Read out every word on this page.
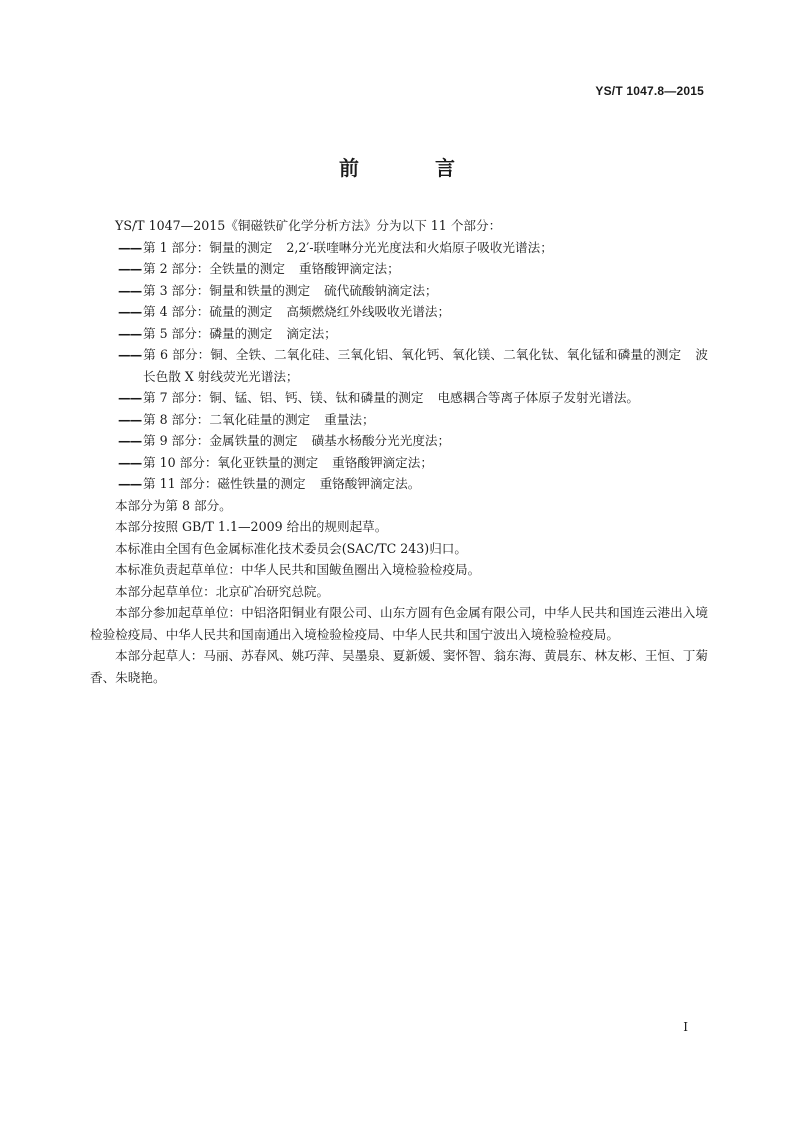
YS/T 1047.8—2015
前　言

YS/T 1047—2015《铜磁铁矿化学分析方法》分为以下 11 个部分：

—— 第 1 部分：铜量的测定 2,2′-联喹啉分光光度法和火焰原子吸收光谱法；

—— 第 2 部分：全铁量的测定 重铬酸钾滴定法；

—— 第 3 部分：铜量和铁量的测定 硫代硫酸钠滴定法；

—— 第 4 部分：硫量的测定 高频燃烧红外线吸收光谱法；

—— 第 5 部分：磷量的测定 滴定法；

—— 第 6 部分：铜、全铁、二氧化硅、三氧化铝、氧化钙、氧化镁、二氧化钛、氧化锰和磷量的测定 波长色散 X 射线荧光光谱法；

—— 第 7 部分：铜、锰、铝、钙、镁、钛和磷量的测定 电感耦合等离子体原子发射光谱法。

—— 第 8 部分：二氧化硅量的测定 重量法；

—— 第 9 部分：金属铁量的测定 磺基水杨酸分光光度法；

—— 第 10 部分：氧化亚铁量的测定 重铬酸钾滴定法；

—— 第 11 部分：磁性铁量的测定 重铬酸钾滴定法。

本部分为第 8 部分。

本部分按照 GB/T 1.1—2009 给出的规则起草。

本标准由全国有色金属标准化技术委员会(SAC/TC 243)归口。

本标准负责起草单位：中华人民共和国鲅鱼圈出入境检验检疫局。

本部分起草单位：北京矿冶研究总院。

本部分参加起草单位：中铝洛阳铜业有限公司、山东方圆有色金属有限公司，中华人民共和国连云港出入境检验检疫局、中华人民共和国南通出入境检验检疫局、中华人民共和国宁波出入境检验检疫局。

本部分起草人：马丽、苏春风、姚巧萍、吴墨泉、夏新媛、窦怀智、翁东海、黄晨东、林友彬、王恒、丁菊香、朱晓艳。

I
